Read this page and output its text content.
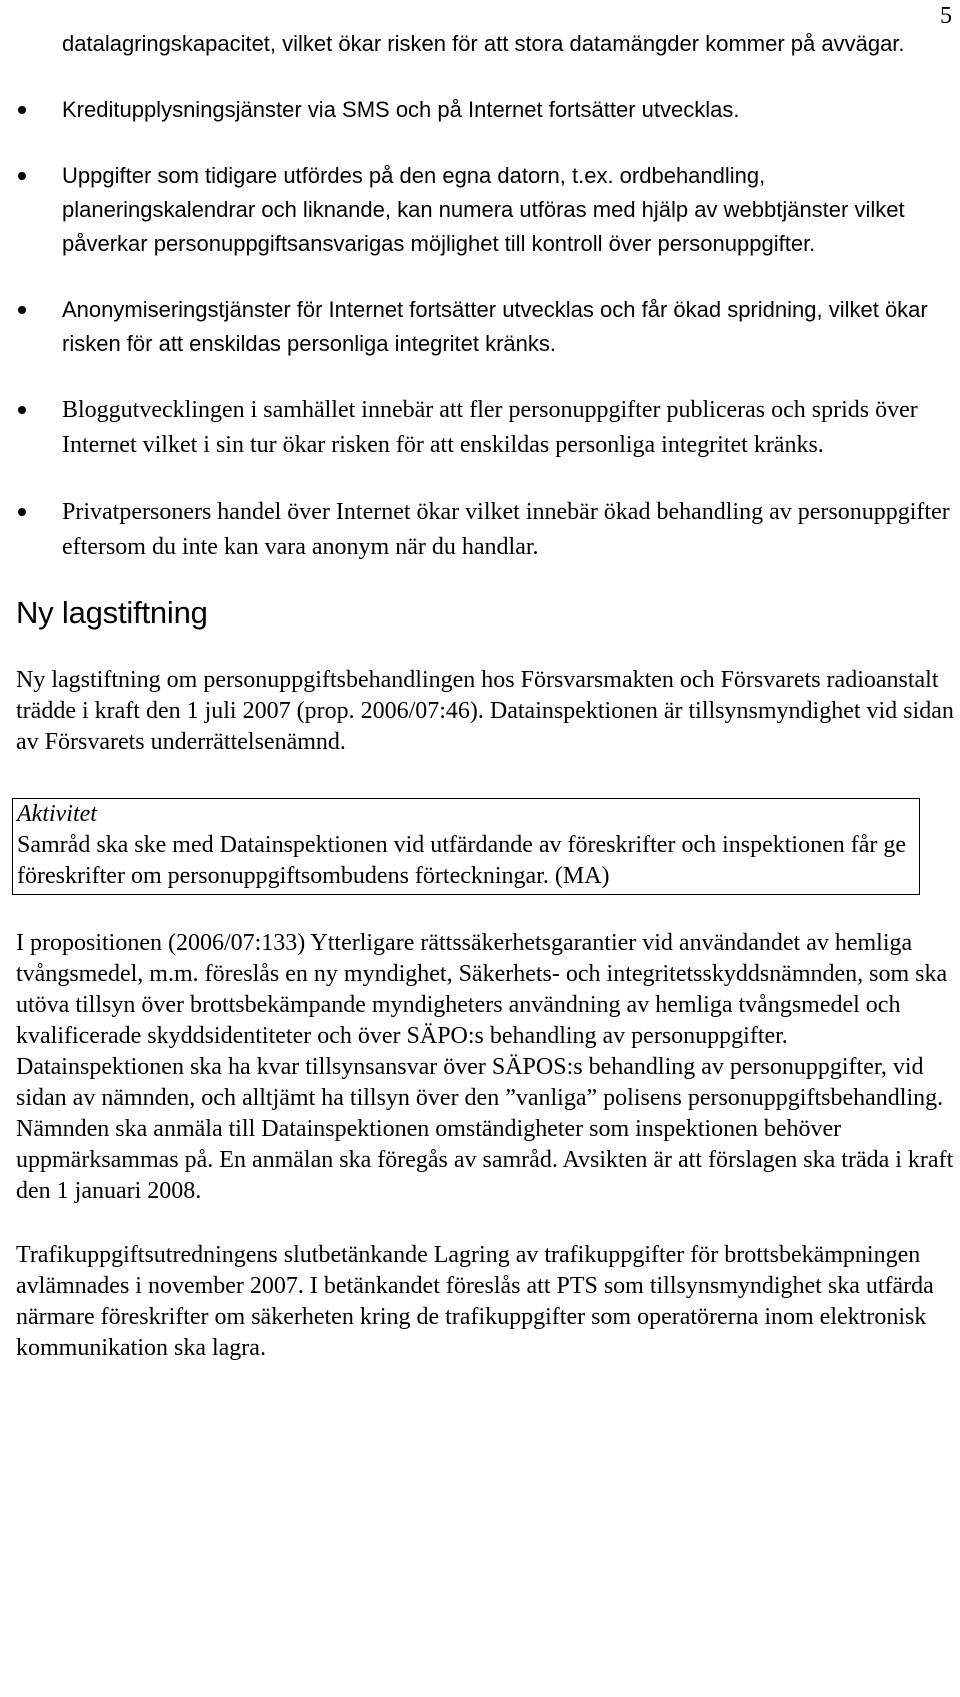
5
datalagringskapacitet, vilket ökar risken för att stora datamängder kommer på avvägar.
Kreditupplysningsjänster via SMS och på Internet fortsätter utvecklas.
Uppgifter som tidigare utfördes på den egna datorn, t.ex. ordbehandling, planeringskalendrar och liknande, kan numera utföras med hjälp av webbtjänster vilket påverkar personuppgiftsansvarigas möjlighet till kontroll över personuppgifter.
Anonymiseringstjänster för Internet fortsätter utvecklas och får ökad spridning, vilket ökar risken för att enskildas personliga integritet kränks.
Bloggutvecklingen i samhället innebär att fler personuppgifter publiceras och sprids över Internet vilket i sin tur ökar risken för att enskildas personliga integritet kränks.
Privatpersoners handel över Internet ökar vilket innebär ökad behandling av personuppgifter eftersom du inte kan vara anonym när du handlar.
Ny lagstiftning

Ny lagstiftning om personuppgiftsbehandlingen hos Försvarsmakten och Försvarets radioanstalt trädde i kraft den 1 juli 2007 (prop. 2006/07:46). Datainspektionen är tillsynsmyndighet vid sidan av Försvarets underrättelsenämnd.

Aktivitet
Samråd ska ske med Datainspektionen vid utfärdande av föreskrifter och inspektionen får ge föreskrifter om personuppgiftsombudens förteckningar. (MA)

I propositionen (2006/07:133) Ytterligare rättssäkerhetsgarantier vid användandet av hemliga tvångsmedel, m.m. föreslås en ny myndighet, Säkerhets- och integritetsskyddsnämnden, som ska utöva tillsyn över brottsbekämpande myndigheters användning av hemliga tvångsmedel och kvalificerade skyddsidentiteter och över SÄPO:s behandling av personuppgifter. Datainspektionen ska ha kvar tillsynsansvar över SÄPOS:s behandling av personuppgifter, vid sidan av nämnden, och alltjämt ha tillsyn över den ”vanliga” polisens personuppgiftsbehandling. Nämnden ska anmäla till Datainspektionen omständigheter som inspektionen behöver uppmärksammas på. En anmälan ska föregås av samråd. Avsikten är att förslagen ska träda i kraft den 1 januari 2008.

Trafikuppgiftsutredningens slutbetänkande Lagring av trafikuppgifter för brottsbekämpningen avlämnades i november 2007. I betänkandet föreslås att PTS som tillsynsmyndighet ska utfärda närmare föreskrifter om säkerheten kring de trafikuppgifter som operatörerna inom elektronisk kommunikation ska lagra.
